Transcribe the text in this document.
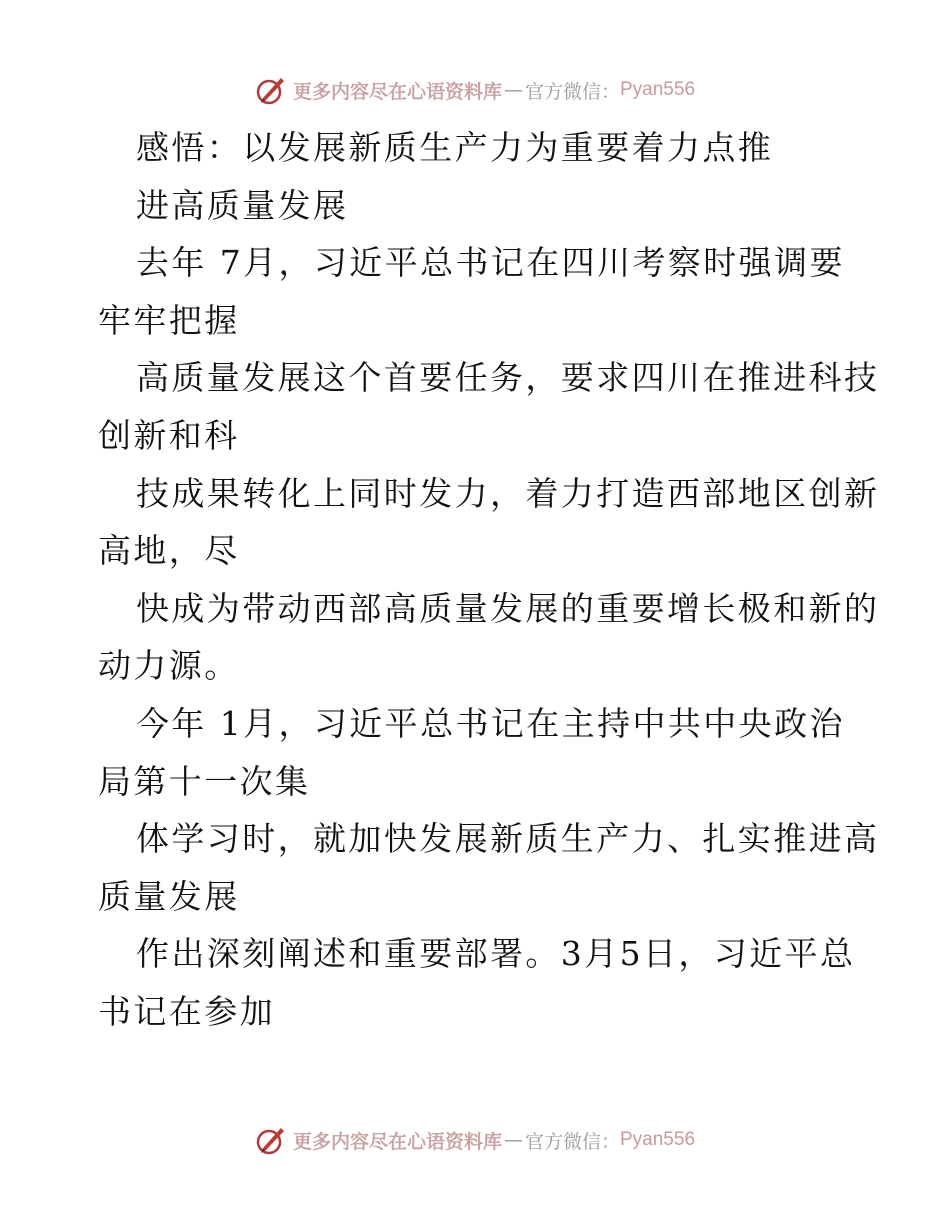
更多内容尽在心语资料库 — 官方微信： Pyan556
感悟：以发展新质生产力为重要着力点推
进高质量发展
去年 7月，习近平总书记在四川考察时强调要
牢牢把握
高质量发展这个首要任务，要求四川在推进科技
创新和科
技成果转化上同时发力，着力打造西部地区创新
高地，尽
快成为带动西部高质量发展的重要增长极和新的
动力源。
今年 1月，习近平总书记在主持中共中央政治
局第十一次集
体学习时，就加快发展新质生产力、扎实推进高
质量发展
作出深刻阐述和重要部署。3月5日，习近平总
书记在参加
更多内容尽在心语资料库 — 官方微信： Pyan556
